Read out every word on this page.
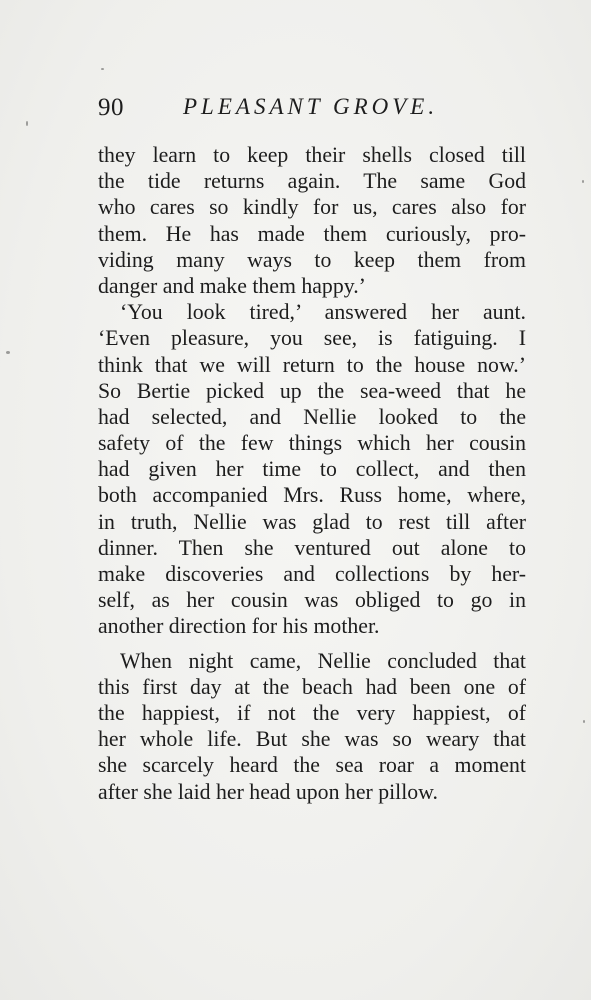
90	PLEASANT GROVE.
they learn to keep their shells closed till
the tide returns again. The same God
who cares so kindly for us, cares also for
them. He has made them curiously, pro-
viding many ways to keep them from
danger and make them happy.’
‘You look tired,’ answered her aunt.
‘Even pleasure, you see, is fatiguing. I
think that we will return to the house now.’
So Bertie picked up the sea-weed that he
had selected, and Nellie looked to the
safety of the few things which her cousin
had given her time to collect, and then
both accompanied Mrs. Russ home, where,
in truth, Nellie was glad to rest till after
dinner. Then she ventured out alone to
make discoveries and collections by her-
self, as her cousin was obliged to go in
another direction for his mother.
When night came, Nellie concluded that
this first day at the beach had been one of
the happiest, if not the very happiest, of
her whole life. But she was so weary that
she scarcely heard the sea roar a moment
after she laid her head upon her pillow.
